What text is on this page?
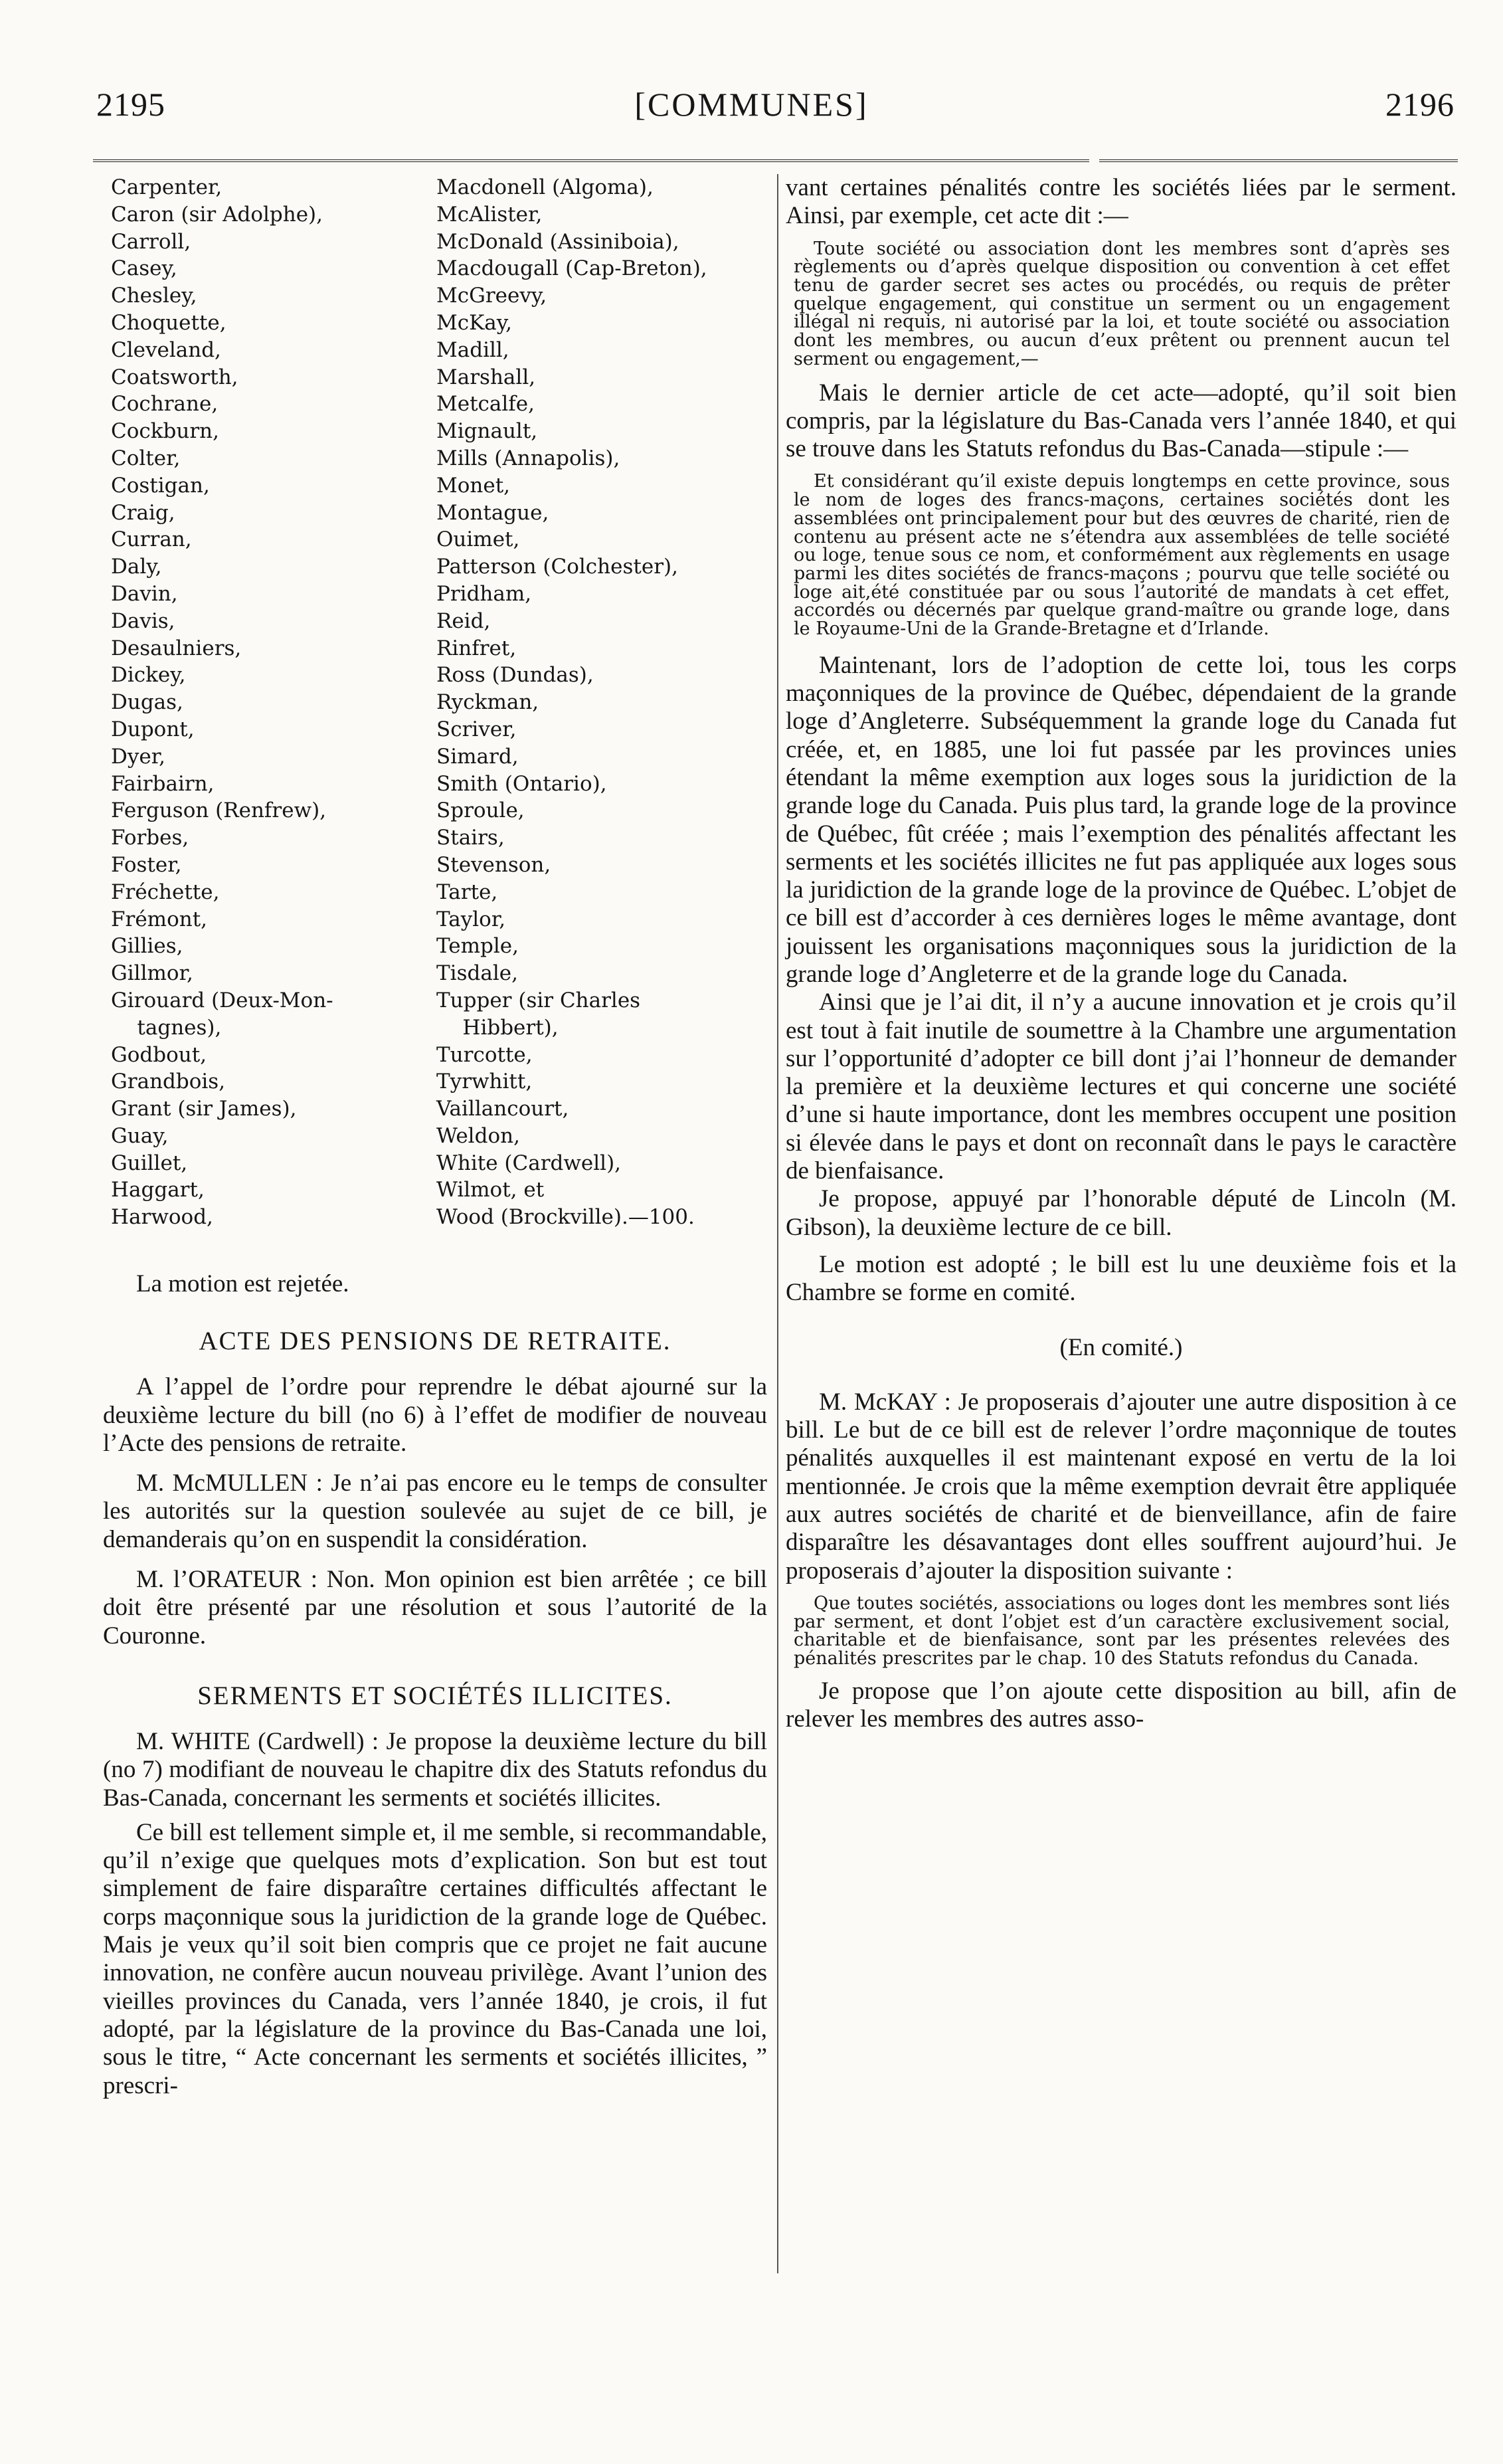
2195	[COMMUNES]	2196
Carpenter,
Caron (sir Adolphe),
Carroll,
Casey,
Chesley,
Choquette,
Cleveland,
Coatsworth,
Cochrane,
Cockburn,
Colter,
Costigan,
Craig,
Curran,
Daly,
Davin,
Davis,
Desaulniers,
Dickey,
Dugas,
Dupont,
Dyer,
Fairbairn,
Ferguson (Renfrew),
Forbes,
Foster,
Fréchette,
Frémont,
Gillies,
Gillmor,
Girouard (Deux-Mon-
tagnes),
Godbout,
Grandbois,
Grant (sir James),
Guay,
Guillet,
Haggart,
Harwood,
Macdonell (Algoma),
McAlister,
McDonald (Assiniboia),
Macdougall (Cap-Breton),
McGreevy,
McKay,
Madill,
Marshall,
Metcalfe,
Mignault,
Mills (Annapolis),
Monet,
Montague,
Ouimet,
Patterson (Colchester),
Pridham,
Reid,
Rinfret,
Ross (Dundas),
Ryckman,
Scriver,
Simard,
Smith (Ontario),
Sproule,
Stairs,
Stevenson,
Tarte,
Taylor,
Temple,
Tisdale,
Tupper (sir Charles
Hibbert),
Turcotte,
Tyrwhitt,
Vaillancourt,
Weldon,
White (Cardwell),
Wilmot, et
Wood (Brockville).—100.

La motion est rejetée.

ACTE DES PENSIONS DE RETRAITE.

A l’appel de l’ordre pour reprendre le débat ajourné sur la deuxième lecture du bill (no 6) à l’effet de modifier de nouveau l’Acte des pensions de retraite.

M. McMULLEN : Je n’ai pas encore eu le temps de consulter les autorités sur la question soulevée au sujet de ce bill, je demanderais qu’on en suspendit la considération.

M. l’ORATEUR : Non. Mon opinion est bien arrêtée ; ce bill doit être présenté par une résolution et sous l’autorité de la Couronne.

SERMENTS ET SOCIÉTÉS ILLICITES.

M. WHITE (Cardwell) : Je propose la deuxième lecture du bill (no 7) modifiant de nouveau le chapitre dix des Statuts refondus du Bas-Canada, concernant les serments et sociétés illicites.

Ce bill est tellement simple et, il me semble, si recommandable, qu’il n’exige que quelques mots d’explication. Son but est tout simplement de faire disparaître certaines difficultés affectant le corps maçonnique sous la juridiction de la grande loge de Québec. Mais je veux qu’il soit bien compris que ce projet ne fait aucune innovation, ne confère aucun nouveau privilège. Avant l’union des vieilles provinces du Canada, vers l’année 1840, je crois, il fut adopté, par la législature de la province du Bas-Canada une loi, sous le titre, “ Acte concernant les serments et sociétés illicites, ” prescri-

vant certaines pénalités contre les sociétés liées par le serment. Ainsi, par exemple, cet acte dit :—

Toute société ou association dont les membres sont d’après ses règlements ou d’après quelque disposition ou convention à cet effet tenu de garder secret ses actes ou procédés, ou requis de prêter quelque engagement, qui constitue un serment ou un engagement illégal ni requis, ni autorisé par la loi, et toute société ou association dont les membres, ou aucun d’eux prêtent ou prennent aucun tel serment ou engagement,—

Mais le dernier article de cet acte—adopté, qu’il soit bien compris, par la législature du Bas-Canada vers l’année 1840, et qui se trouve dans les Statuts refondus du Bas-Canada—stipule :—

Et considérant qu’il existe depuis longtemps en cette province, sous le nom de loges des francs-maçons, certaines sociétés dont les assemblées ont principalement pour but des œuvres de charité, rien de contenu au présent acte ne s’étendra aux assemblées de telle société ou loge, tenue sous ce nom, et conformément aux règlements en usage parmi les dites sociétés de francs-maçons ; pourvu que telle société ou loge ait,été constituée par ou sous l’autorité de mandats à cet effet, accordés ou décernés par quelque grand-maître ou grande loge, dans le Royaume-Uni de la Grande-Bretagne et d’Irlande.

Maintenant, lors de l’adoption de cette loi, tous les corps maçonniques de la province de Québec, dépendaient de la grande loge d’Angleterre. Subséquemment la grande loge du Canada fut créée, et, en 1885, une loi fut passée par les provinces unies étendant la même exemption aux loges sous la juridiction de la grande loge du Canada. Puis plus tard, la grande loge de la province de Québec, fût créée ; mais l’exemption des pénalités affectant les serments et les sociétés illicites ne fut pas appliquée aux loges sous la juridiction de la grande loge de la province de Québec. L’objet de ce bill est d’accorder à ces dernières loges le même avantage, dont jouissent les organisations maçonniques sous la juridiction de la grande loge d’Angleterre et de la grande loge du Canada.

Ainsi que je l’ai dit, il n’y a aucune innovation et je crois qu’il est tout à fait inutile de soumettre à la Chambre une argumentation sur l’opportunité d’adopter ce bill dont j’ai l’honneur de demander la première et la deuxième lectures et qui concerne une société d’une si haute importance, dont les membres occupent une position si élevée dans le pays et dont on reconnaît dans le pays le caractère de bienfaisance.

Je propose, appuyé par l’honorable député de Lincoln (M. Gibson), la deuxième lecture de ce bill.

Le motion est adopté ; le bill est lu une deuxième fois et la Chambre se forme en comité.

(En comité.)

M. McKAY : Je proposerais d’ajouter une autre disposition à ce bill. Le but de ce bill est de relever l’ordre maçonnique de toutes pénalités auxquelles il est maintenant exposé en vertu de la loi mentionnée. Je crois que la même exemption devrait être appliquée aux autres sociétés de charité et de bienveillance, afin de faire disparaître les désavantages dont elles souffrent aujourd’hui. Je proposerais d’ajouter la disposition suivante :

Que toutes sociétés, associations ou loges dont les membres sont liés par serment, et dont l’objet est d’un caractère exclusivement social, charitable et de bienfaisance, sont par les présentes relevées des pénalités prescrites par le chap. 10 des Statuts refondus du Canada.

Je propose que l’on ajoute cette disposition au bill, afin de relever les membres des autres asso-
